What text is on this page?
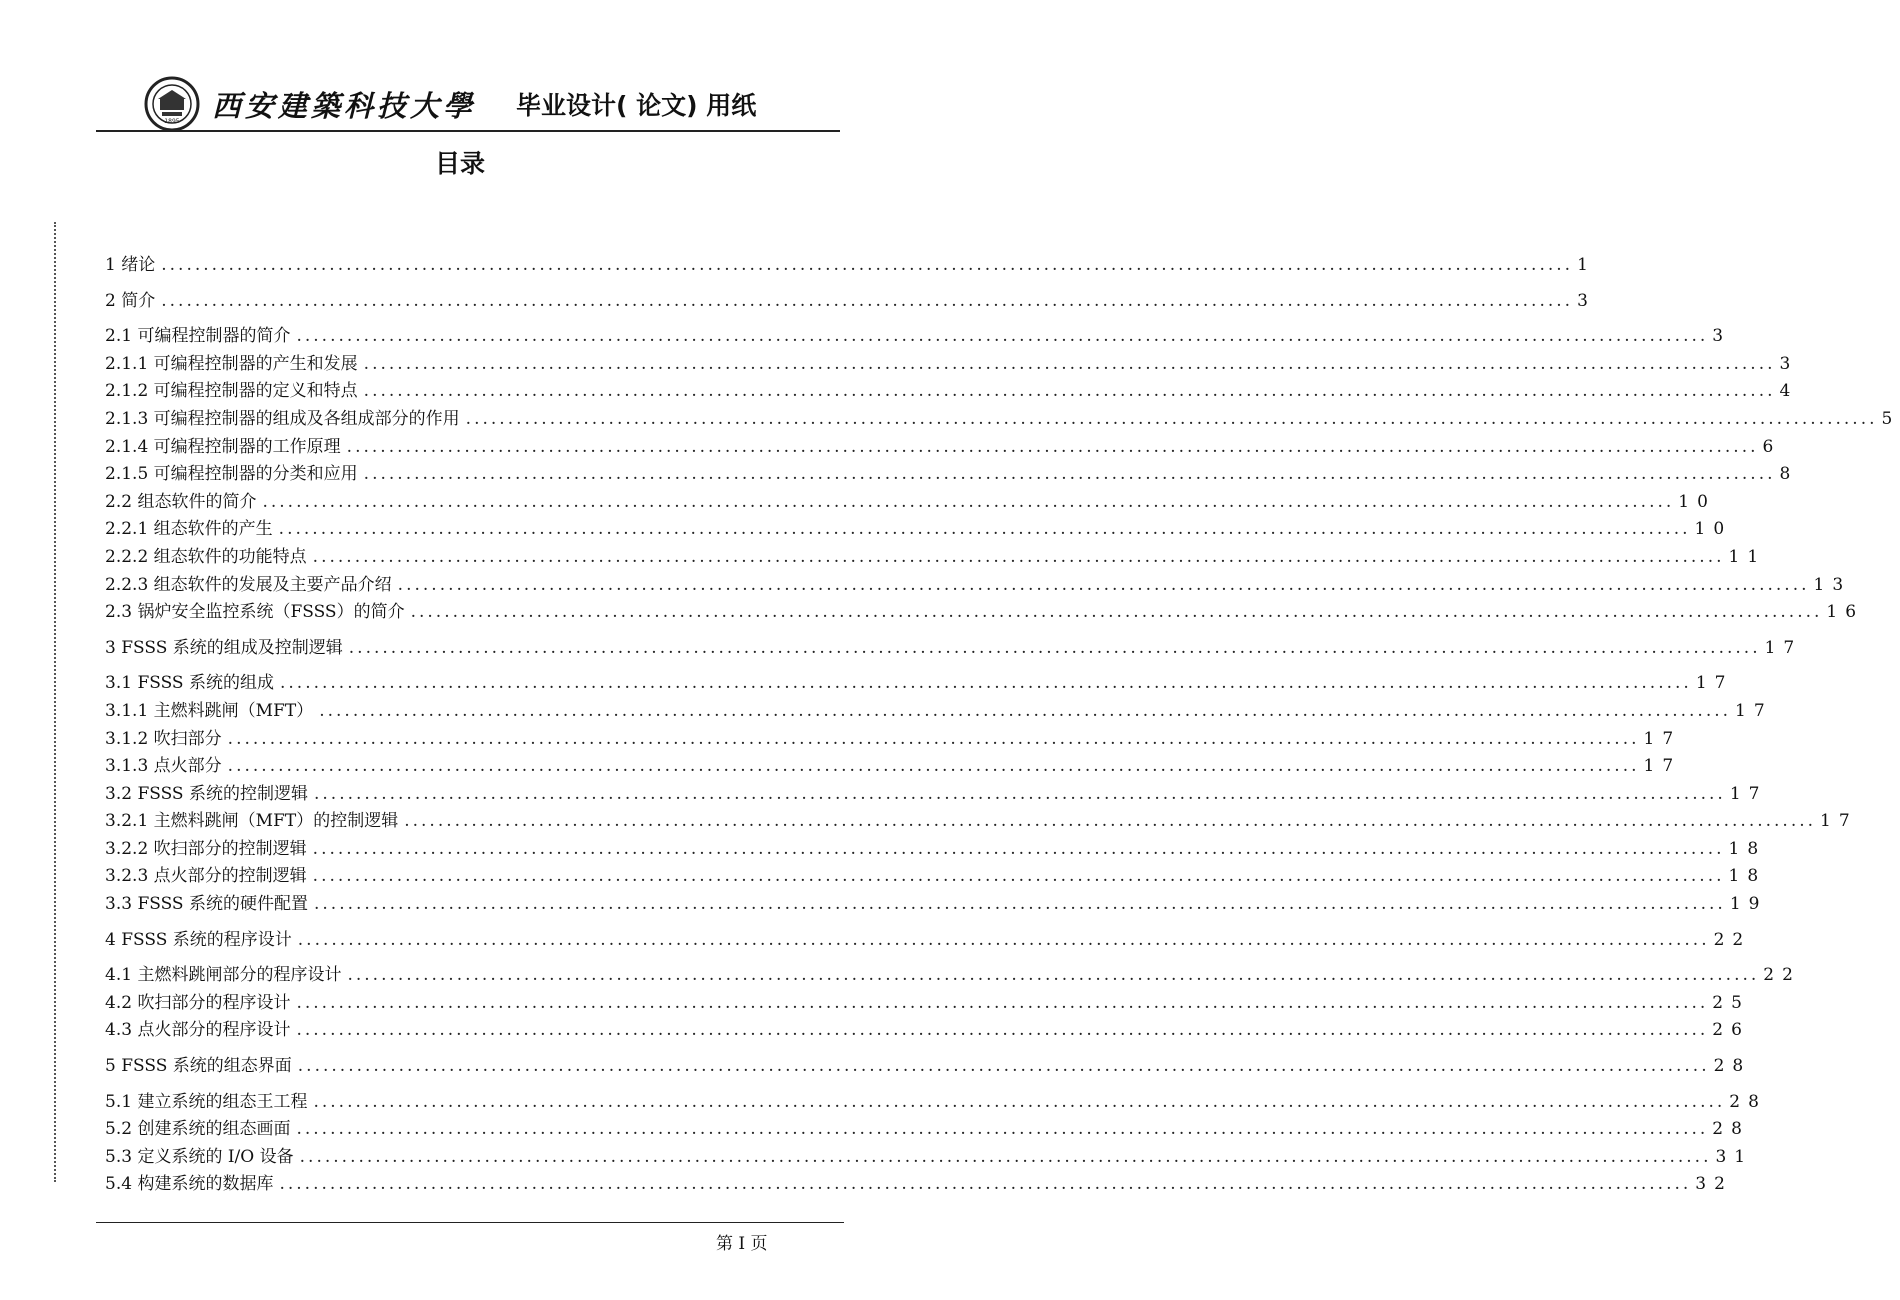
1895 西安建築科技大學 毕业设计( 论文) 用纸
目录
1 绪论 .....	1
2 简介 .....	3
2.1 可编程控制器的简介 .....	3
2.1.1 可编程控制器的产生和发展 .....	3
2.1.2 可编程控制器的定义和特点 .....	4
2.1.3 可编程控制器的组成及各组成部分的作用 .....	5
2.1.4 可编程控制器的工作原理 .....	6
2.1.5 可编程控制器的分类和应用 .....	8
2.2 组态软件的简介 .....	10
2.2.1 组态软件的产生 .....	10
2.2.2 组态软件的功能特点 .....	11
2.2.3 组态软件的发展及主要产品介绍 .....	13
2.3 锅炉安全监控系统（FSSS）的简介 .....	16
3 FSSS 系统的组成及控制逻辑 .....	17
3.1 FSSS 系统的组成 .....	17
3.1.1 主燃料跳闸（MFT） .....	17
3.1.2 吹扫部分 .....	17
3.1.3 点火部分 .....	17
3.2 FSSS 系统的控制逻辑 .....	17
3.2.1 主燃料跳闸（MFT）的控制逻辑 .....	17
3.2.2 吹扫部分的控制逻辑 .....	18
3.2.3 点火部分的控制逻辑 .....	18
3.3 FSSS 系统的硬件配置 .....	19
4 FSSS 系统的程序设计 .....	22
4.1 主燃料跳闸部分的程序设计 .....	22
4.2 吹扫部分的程序设计 .....	25
4.3 点火部分的程序设计 .....	26
5 FSSS 系统的组态界面 .....	28
5.1 建立系统的组态王工程 .....	28
5.2 创建系统的组态画面 .....	28
5.3 定义系统的 I/O 设备 .....	31
5.4 构建系统的数据库 .....	32
第 I 页
